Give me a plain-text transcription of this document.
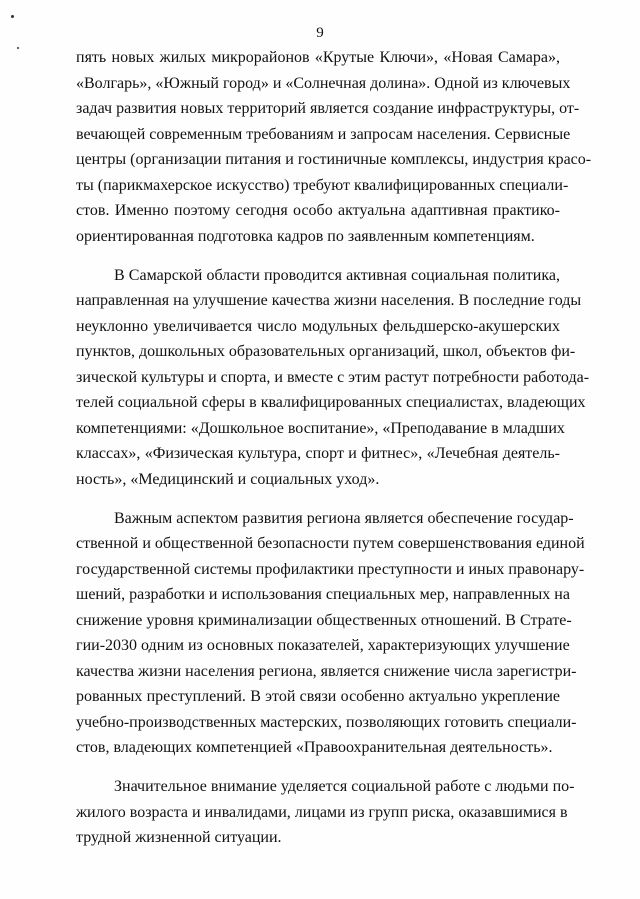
9
пять новых жилых микрорайонов «Крутые Ключи», «Новая Самара»,
«Волгарь», «Южный город» и «Солнечная долина». Одной из ключевых
задач развития новых территорий является создание инфраструктуры, от-
вечающей современным требованиям и запросам населения. Сервисные
центры (организации питания и гостиничные комплексы, индустрия красо-
ты (парикмахерское искусство) требуют квалифицированных специали-
стов. Именно поэтому сегодня особо актуальна адаптивная практико-
ориентированная подготовка кадров по заявленным компетенциям.
В Самарской области проводится активная социальная политика,
направленная на улучшение качества жизни населения. В последние годы
неуклонно увеличивается число модульных фельдшерско-акушерских
пунктов, дошкольных образовательных организаций, школ, объектов фи-
зической культуры и спорта, и вместе с этим растут потребности работода-
телей социальной сферы в квалифицированных специалистах, владеющих
компетенциями: «Дошкольное воспитание», «Преподавание в младших
классах», «Физическая культура, спорт и фитнес», «Лечебная деятель-
ность», «Медицинский и социальных уход».
Важным аспектом развития региона является обеспечение государ-
ственной и общественной безопасности путем совершенствования единой
государственной системы профилактики преступности и иных правонару-
шений, разработки и использования специальных мер, направленных на
снижение уровня криминализации общественных отношений. В Страте-
гии-2030 одним из основных показателей, характеризующих улучшение
качества жизни населения региона, является снижение числа зарегистри-
рованных преступлений. В этой связи особенно актуально укрепление
учебно-производственных мастерских, позволяющих готовить специали-
стов, владеющих компетенцией «Правоохранительная деятельность».
Значительное внимание уделяется социальной работе с людьми по-
жилого возраста и инвалидами, лицами из групп риска, оказавшимися в
трудной жизненной ситуации.
